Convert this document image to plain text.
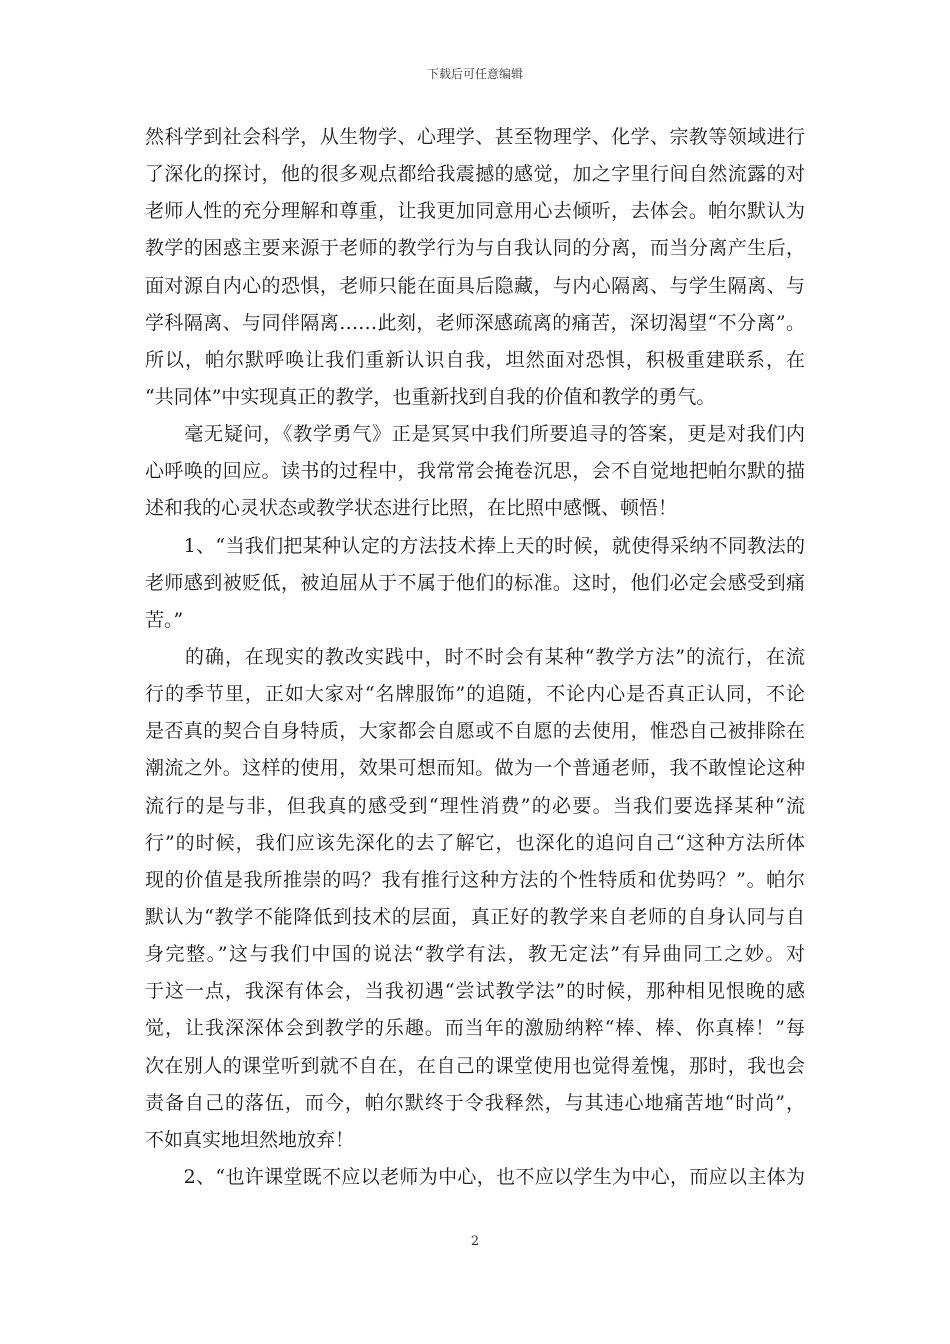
下载后可任意编辑
然科学到社会科学，从生物学、心理学、甚至物理学、化学、宗教等领域进行
了深化的探讨，他的很多观点都给我震撼的感觉，加之字里行间自然流露的对
老师人性的充分理解和尊重，让我更加同意用心去倾听，去体会。帕尔默认为
教学的困惑主要来源于老师的教学行为与自我认同的分离，而当分离产生后，
面对源自内心的恐惧，老师只能在面具后隐藏，与内心隔离、与学生隔离、与
学科隔离、与同伴隔离……此刻，老师深感疏离的痛苦，深切渴望“不分离”。
所以，帕尔默呼唤让我们重新认识自我，坦然面对恐惧，积极重建联系，在
“共同体”中实现真正的教学，也重新找到自我的价值和教学的勇气。
　　毫无疑问，《教学勇气》正是冥冥中我们所要追寻的答案，更是对我们内
心呼唤的回应。读书的过程中，我常常会掩卷沉思，会不自觉地把帕尔默的描
述和我的心灵状态或教学状态进行比照，在比照中感慨、顿悟！
　　1、“当我们把某种认定的方法技术捧上天的时候，就使得采纳不同教法的
老师感到被贬低，被迫屈从于不属于他们的标准。这时，他们必定会感受到痛
苦。”
　　的确，在现实的教改实践中，时不时会有某种“教学方法”的流行，在流
行的季节里，正如大家对“名牌服饰”的追随，不论内心是否真正认同，不论
是否真的契合自身特质，大家都会自愿或不自愿的去使用，惟恐自己被排除在
潮流之外。这样的使用，效果可想而知。做为一个普通老师，我不敢惶论这种
流行的是与非，但我真的感受到“理性消费”的必要。当我们要选择某种“流
行”的时候，我们应该先深化的去了解它，也深化的追问自己“这种方法所体
现的价值是我所推崇的吗？我有推行这种方法的个性特质和优势吗？”。帕尔
默认为“教学不能降低到技术的层面，真正好的教学来自老师的自身认同与自
身完整。”这与我们中国的说法“教学有法，教无定法”有异曲同工之妙。对
于这一点，我深有体会，当我初遇“尝试教学法”的时候，那种相见恨晚的感
觉，让我深深体会到教学的乐趣。而当年的激励纳粹“棒、棒、你真棒！”每
次在别人的课堂听到就不自在，在自己的课堂使用也觉得羞愧，那时，我也会
责备自己的落伍，而今，帕尔默终于令我释然，与其违心地痛苦地“时尚”，
不如真实地坦然地放弃！
　　2、“也许课堂既不应以老师为中心，也不应以学生为中心，而应以主体为
2
